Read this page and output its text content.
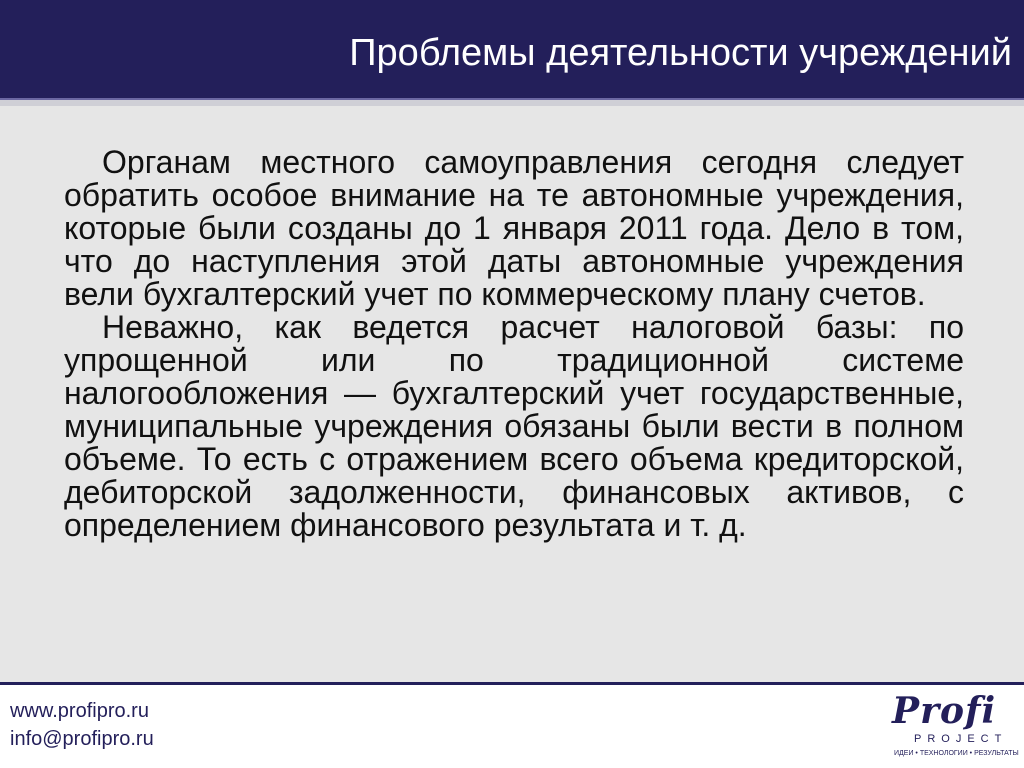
Проблемы деятельности учреждений

Органам местного самоуправления сегодня следует обратить особое внимание на те автономные учреждения, которые были созданы до 1 января 2011 года. Дело в том, что до наступления этой даты автономные учреждения вели бухгалтерский учет по коммерческому плану счетов.

Неважно, как ведется расчет налоговой базы: по упрощенной или по традиционной системе налогообложения — бухгалтерский учет государственные, муниципальные учреждения обязаны были вести в полном объеме. То есть с отражением всего объема кредиторской, дебиторской задолженности, финансовых активов, с определением финансового результата и т. д.

www.profipro.ru
info@profipro.ru
Profi
PROJECT
ИДЕИ • ТЕХНОЛОГИИ • РЕЗУЛЬТАТЫ
